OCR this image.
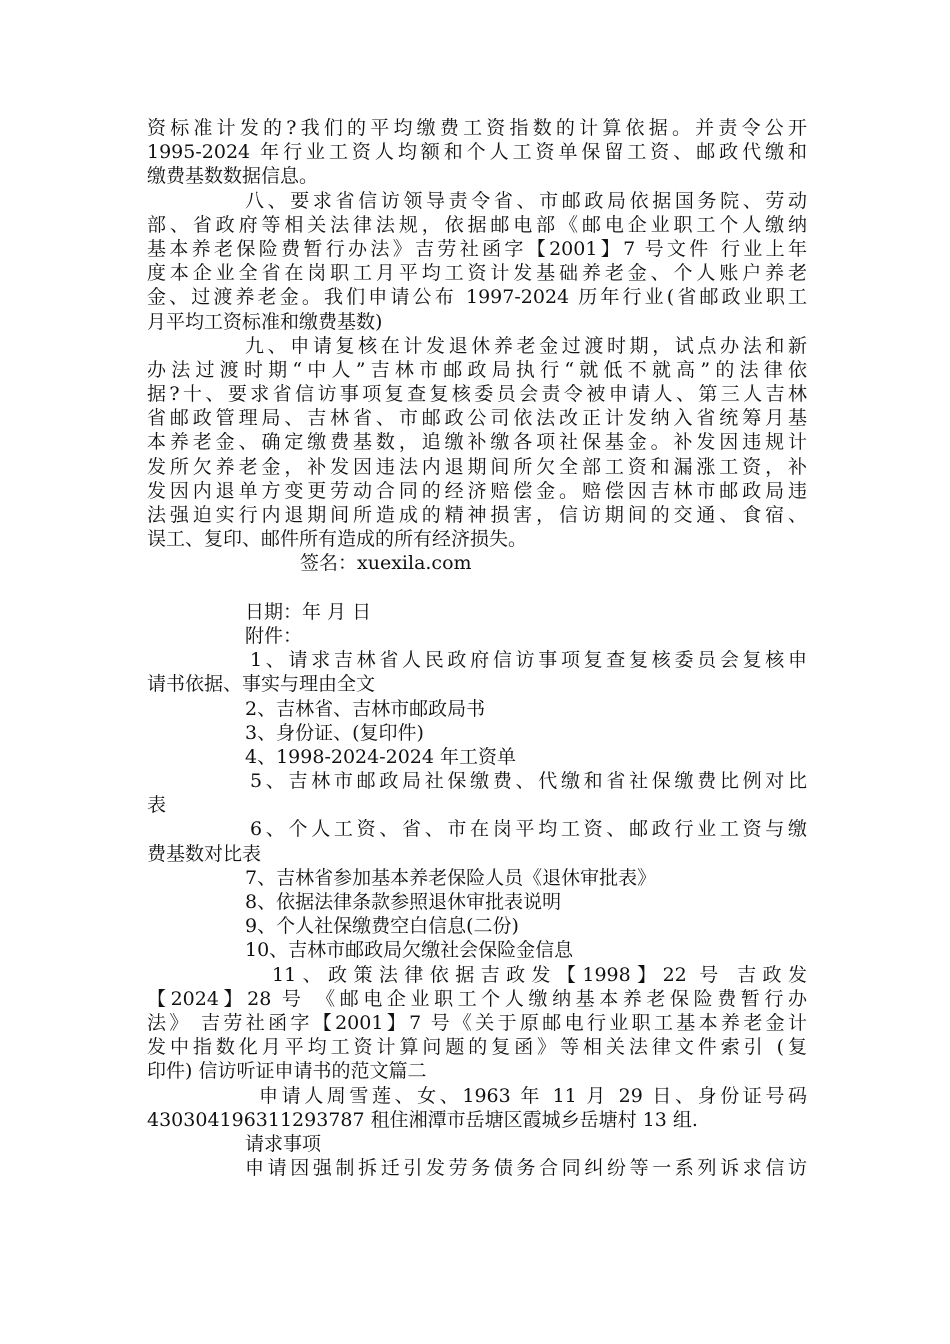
资标准计发的?我们的平均缴费工资指数的计算依据。并责令公开
1995-2024 年行业工资人均额和个人工资单保留工资、邮政代缴和
缴费基数数据信息。
八、要求省信访领导责令省、市邮政局依据国务院、劳动
部、省政府等相关法律法规，依据邮电部《邮电企业职工个人缴纳
基本养老保险费暂行办法》吉劳社函字【2001】7 号文件 行业上年
度本企业全省在岗职工月平均工资计发基础养老金、个人账户养老
金、过渡养老金。我们申请公布 1997-2024 历年行业(省邮政业职工
月平均工资标准和缴费基数)
九、申请复核在计发退休养老金过渡时期，试点办法和新
办法过渡时期“中人”吉林市邮政局执行“就低不就高”的法律依
据?十、要求省信访事项复查复核委员会责令被申请人、第三人吉林
省邮政管理局、吉林省、市邮政公司依法改正计发纳入省统筹月基
本养老金、确定缴费基数，追缴补缴各项社保基金。补发因违规计
发所欠养老金，补发因违法内退期间所欠全部工资和漏涨工资，补
发因内退单方变更劳动合同的经济赔偿金。赔偿因吉林市邮政局违
法强迫实行内退期间所造成的精神损害，信访期间的交通、食宿、
误工、复印、邮件所有造成的所有经济损失。
签名：xuexila.com
日期：年 月 日
附件：
1、请求吉林省人民政府信访事项复查复核委员会复核申
请书依据、事实与理由全文
2、吉林省、吉林市邮政局书
3、身份证、(复印件)
4、1998-2024-2024 年工资单
5、吉林市邮政局社保缴费、代缴和省社保缴费比例对比
表
6、个人工资、省、市在岗平均工资、邮政行业工资与缴
费基数对比表
7、吉林省参加基本养老保险人员《退休审批表》
8、依据法律条款参照退休审批表说明
9、个人社保缴费空白信息(二份)
10、吉林市邮政局欠缴社会保险金信息
11、政策法律依据吉政发【1998】22 号 吉政发
【2024】28 号 《邮电企业职工个人缴纳基本养老保险费暂行办
法》 吉劳社函字【2001】7 号《关于原邮电行业职工基本养老金计
发中指数化月平均工资计算问题的复函》等相关法律文件索引 (复
印件) 信访听证申请书的范文篇二
申请人周雪莲、女、1963 年 11 月 29 日、身份证号码
430304196311293787 租住湘潭市岳塘区霞城乡岳塘村 13 组.
请求事项
申请因强制拆迁引发劳务债务合同纠纷等一系列诉求信访
